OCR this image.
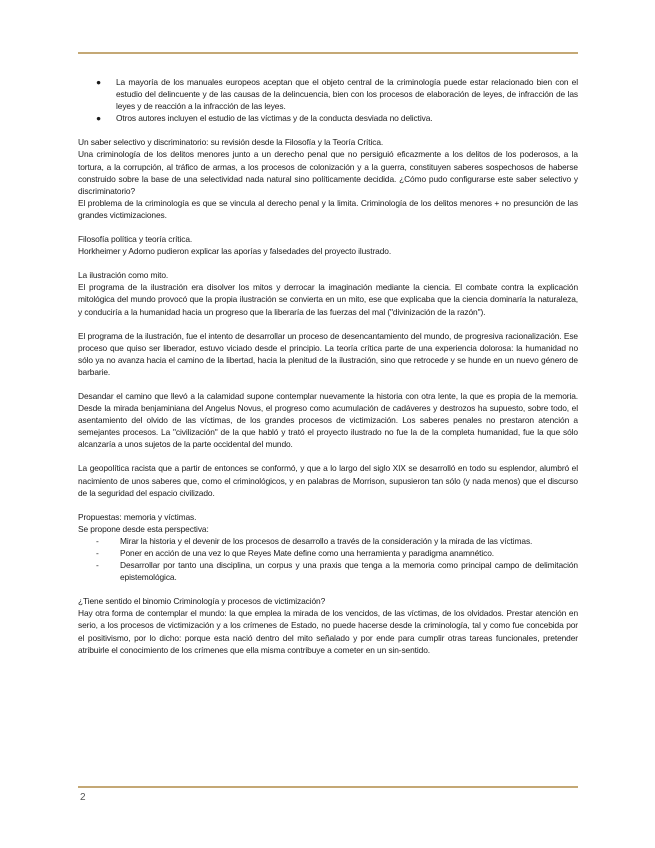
● La mayoría de los manuales europeos aceptan que el objeto central de la criminología puede estar relacionado bien con el estudio del delincuente y de las causas de la delincuencia, bien con los procesos de elaboración de leyes, de infracción de las leyes y de reacción a la infracción de las leyes.
● Otros autores incluyen el estudio de las víctimas y de la conducta desviada no delictiva.

Un saber selectivo y discriminatorio: su revisión desde la Filosofía y la Teoría Crítica.

Una criminología de los delitos menores junto a un derecho penal que no persiguió eficazmente a los delitos de los poderosos, a la tortura, a la corrupción, al tráfico de armas, a los procesos de colonización y a la guerra, constituyen saberes sospechosos de haberse construido sobre la base de una selectividad nada natural sino políticamente decidida. ¿Cómo pudo configurarse este saber selectivo y discriminatorio?

El problema de la criminología es que se vincula al derecho penal y la limita. Criminología de los delitos menores + no presunción de las grandes victimizaciones.

Filosofía política y teoría crítica.

Horkheimer y Adorno pudieron explicar las aporías y falsedades del proyecto ilustrado.

La ilustración como mito.

El programa de la ilustración era disolver los mitos y derrocar la imaginación mediante la ciencia. El combate contra la explicación mitológica del mundo provocó que la propia ilustración se convierta en un mito, ese que explicaba que la ciencia dominaría la naturaleza, y conduciría a la humanidad hacia un progreso que la liberaría de las fuerzas del mal ("divinización de la razón").

El programa de la ilustración, fue el intento de desarrollar un proceso de desencantamiento del mundo, de progresiva racionalización. Ese proceso que quiso ser liberador, estuvo viciado desde el principio. La teoría crítica parte de una experiencia dolorosa: la humanidad no sólo ya no avanza hacia el camino de la libertad, hacia la plenitud de la ilustración, sino que retrocede y se hunde en un nuevo género de barbarie.

Desandar el camino que llevó a la calamidad supone contemplar nuevamente la historia con otra lente, la que es propia de la memoria. Desde la mirada benjaminiana del Angelus Novus, el progreso como acumulación de cadáveres y destrozos ha supuesto, sobre todo, el asentamiento del olvido de las víctimas, de los grandes procesos de victimización. Los saberes penales no prestaron atención a semejantes procesos. La "civilización" de la que habló y trató el proyecto ilustrado no fue la de la completa humanidad, fue la que sólo alcanzaría a unos sujetos de la parte occidental del mundo.

La geopolítica racista que a partir de entonces se conformó, y que a lo largo del siglo XIX se desarrolló en todo su esplendor, alumbró el nacimiento de unos saberes que, como el criminológicos, y en palabras de Morrison, supusieron tan sólo (y nada menos) que el discurso de la seguridad del espacio civilizado.

Propuestas: memoria y víctimas.

Se propone desde esta perspectiva:

-	Mirar la historia y el devenir de los procesos de desarrollo a través de la consideración y la mirada de las víctimas.
-	Poner en acción de una vez lo que Reyes Mate define como una herramienta y paradigma anamnético.
-	Desarrollar por tanto una disciplina, un corpus y una praxis que tenga a la memoria como principal campo de delimitación epistemológica.

¿Tiene sentido el binomio Criminología y procesos de victimización?

Hay otra forma de contemplar el mundo: la que emplea la mirada de los vencidos, de las víctimas, de los olvidados. Prestar atención en serio, a los procesos de victimización y a los crímenes de Estado, no puede hacerse desde la criminología, tal y como fue concebida por el positivismo, por lo dicho: porque esta nació dentro del mito señalado y por ende para cumplir otras tareas funcionales, pretender atribuirle el conocimiento de los crímenes que ella misma contribuye a cometer en un sin-sentido.

2
